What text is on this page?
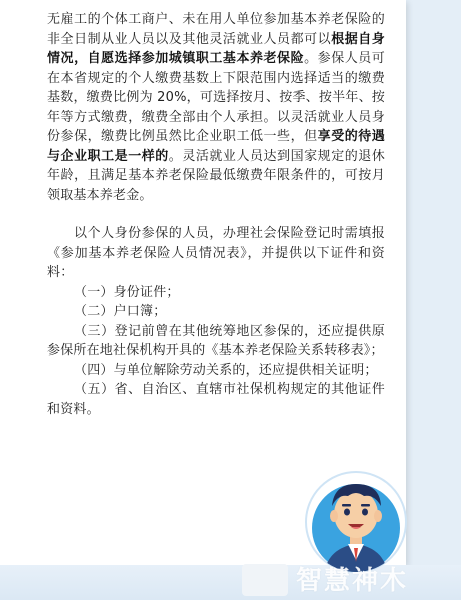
无雇工的个体工商户、未在用人单位参加基本养老保险的非全日制从业人员以及其他灵活就业人员都可以根据自身情况，自愿选择参加城镇职工基本养老保险。参保人员可在本省规定的个人缴费基数上下限范围内选择适当的缴费基数，缴费比例为 20%，可选择按月、按季、按半年、按年等方式缴费，缴费全部由个人承担。以灵活就业人员身份参保，缴费比例虽然比企业职工低一些，但享受的待遇与企业职工是一样的。灵活就业人员达到国家规定的退休年龄，且满足基本养老保险最低缴费年限条件的，可按月领取基本养老金。

以个人身份参保的人员，办理社会保险登记时需填报《参加基本养老保险人员情况表》，并提供以下证件和资料：

（一）身份证件；

（二）户口簿；

（三）登记前曾在其他统筹地区参保的，还应提供原参保所在地社保机构开具的《基本养老保险关系转移表》；

（四）与单位解除劳动关系的，还应提供相关证明；

（五）省、自治区、直辖市社保机构规定的其他证件和资料。

智慧神木
